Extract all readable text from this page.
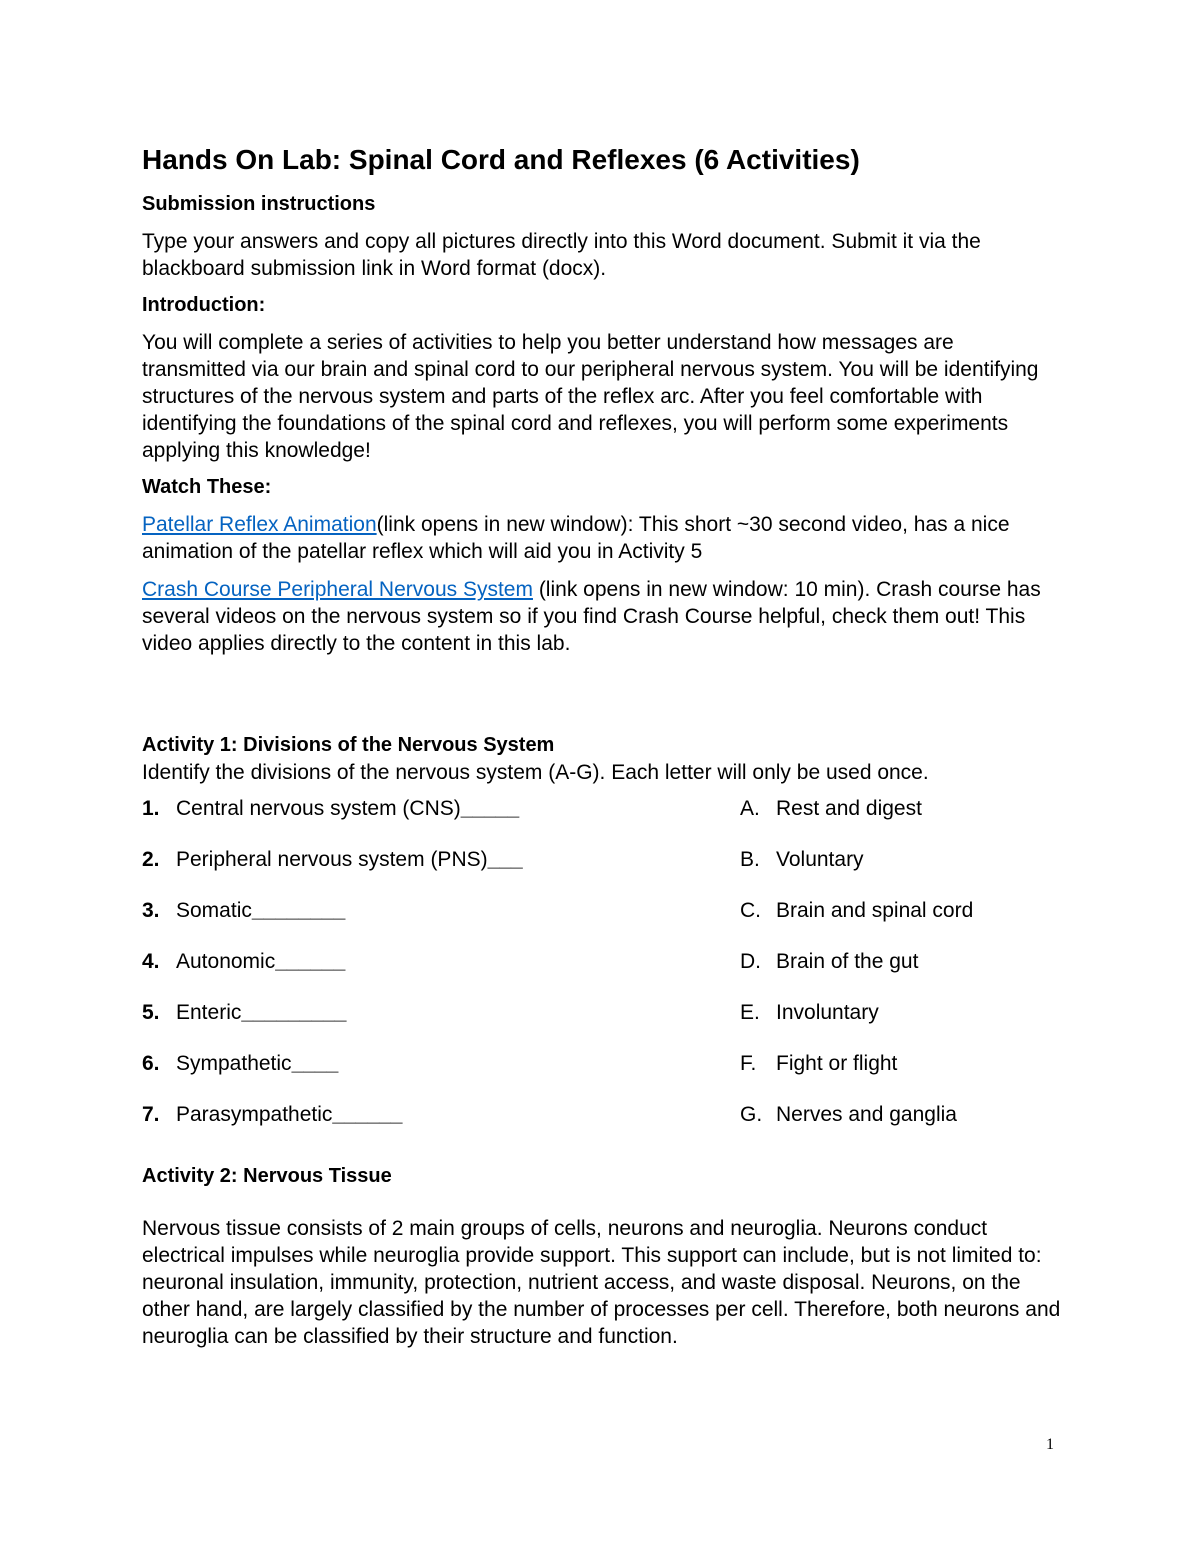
Hands On Lab: Spinal Cord and Reflexes (6 Activities)
Submission instructions

Type your answers and copy all pictures directly into this Word document. Submit it via the blackboard submission link in Word format (docx).

Introduction:

You will complete a series of activities to help you better understand how messages are transmitted via our brain and spinal cord to our peripheral nervous system. You will be identifying structures of the nervous system and parts of the reflex arc. After you feel comfortable with identifying the foundations of the spinal cord and reflexes, you will perform some experiments applying this knowledge!

Watch These:

Patellar Reflex Animation(link opens in new window): This short ~30 second video, has a nice animation of the patellar reflex which will aid you in Activity 5

Crash Course Peripheral Nervous System (link opens in new window: 10 min). Crash course has several videos on the nervous system so if you find Crash Course helpful, check them out! This video applies directly to the content in this lab.

Activity 1: Divisions of the Nervous System

Identify the divisions of the nervous system (A-G). Each letter will only be used once.

1. Central nervous system (CNS)_____	A. Rest and digest
2. Peripheral nervous system (PNS)___	B. Voluntary
3. Somatic________	C. Brain and spinal cord
4. Autonomic______	D. Brain of the gut
5. Enteric_________	E. Involuntary
6. Sympathetic____	F. Fight or flight
7. Parasympathetic______	G. Nerves and ganglia
Activity 2: Nervous Tissue

Nervous tissue consists of 2 main groups of cells, neurons and neuroglia. Neurons conduct electrical impulses while neuroglia provide support. This support can include, but is not limited to: neuronal insulation, immunity, protection, nutrient access, and waste disposal. Neurons, on the other hand, are largely classified by the number of processes per cell. Therefore, both neurons and neuroglia can be classified by their structure and function.

1
